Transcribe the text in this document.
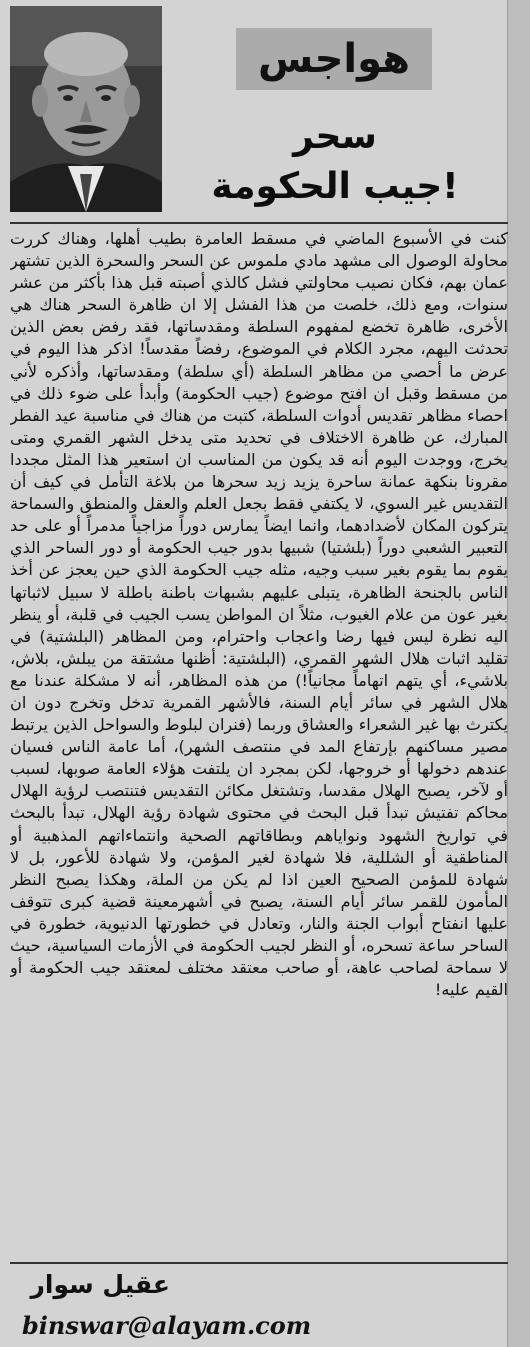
هواجس
سحر
جيب الحكومة!

كنت في الأسبوع الماضي في مسقط العامرة بطيب أهلها، وهناك كررت محاولة الوصول الى مشهد مادي ملموس عن السحر والسحرة الذين تشتهر عمان بهم، فكان نصيب محاولتي فشل كالذي أصبته قبل هذا بأكثر من عشر سنوات، ومع ذلك، خلصت من هذا الفشل إلا ان ظاهرة السحر هناك هي الأخرى، ظاهرة تخضع لمفهوم السلطة ومقدساتها، فقد رفض بعض الذين تحدثت اليهم، مجرد الكلام في الموضوع، رفضاً مقدساً! اذكر هذا اليوم في عرض ما أحصي من مظاهر السلطة (أي سلطة) ومقدساتها، وأذكره لأني من مسقط وقبل ان افتح موضوع (جيب الحكومة) وأبدأ على ضوء ذلك في احصاء مظاهر تقديس أدوات السلطة، كتبت من هناك في مناسبة عيد الفطر المبارك، عن ظاهرة الاختلاف في تحديد متى يدخل الشهر القمري ومتى يخرج، ووجدت اليوم أنه قد يكون من المناسب ان استعير هذا المثل مجددا مقرونا بنكهة عمانة ساحرة يزيد زيد سحرها من بلاغة التأمل في كيف أن التقديس غير السوي، لا يكتفي فقط بجعل العلم والعقل والمنطق والسماحة يتركون المكان لأضدادهما، وانما ايضاً يمارس دوراً مزاجياً مدمراً أو على حد التعبير الشعبي دوراً (بلشتيا) شبيها بدور جيب الحكومة أو دور الساحر الذي يقوم بما يقوم بغير سبب وجيه، مثله جيب الحكومة الذي حين يعجز عن أخذ الناس بالجنحة الظاهرة، يتبلى عليهم بشبهات باطنة باطلة لا سبيل لاثباتها بغير عون من علام الغيوب، مثلاً ان المواطن يسب الجيب في قلبة، أو ينظر اليه نظرة ليس فيها رضا واعجاب واحترام، ومن المظاهر (البلشتية) في تقليد اثبات هلال الشهر القمري، (البلشتية: أظنها مشتقة من يبلش، بلاش، بلاشيء، أي يتهم اتهاماً مجانياً!) من هذه المظاهر، أنه لا مشكلة عندنا مع هلال الشهر في سائر أيام السنة، فالأشهر القمرية تدخل وتخرج دون ان يكترث بها غير الشعراء والعشاق وربما (فنران لبلوط والسواحل الذين يرتبط مصير مساكنهم بإرتفاع المد في منتصف الشهر)، أما عامة الناس فسيان عندهم دخولها أو خروجها، لكن بمجرد ان يلتفت هؤلاء العامة صوبها، لسبب أو لآخر، يصبح الهلال مقدسا، وتشتغل مكائن التقديس فتنتصب لرؤية الهلال محاكم تفتيش تبدأ قبل البحث في محتوى شهادة رؤية الهلال، تبدأ بالبحث في تواريخ الشهود ونواياهم وبطاقاتهم الصحية وانتماءاتهم المذهبية أو المناطقية أو الشللية، فلا شهادة لغير المؤمن، ولا شهادة للأعور، بل لا شهادة للمؤمن الصحيح العين اذا لم يكن من الملة، وهكذا يصبح النظر المأمون للقمر سائر أيام السنة، يصبح في أشهرمعينة قضية كبرى تتوقف عليها انفتاح أبواب الجنة والنار، وتعادل في خطورتها الدنيوية، خطورة في الساحر ساعة تسحره، أو النظر لجيب الحكومة في الأزمات السياسية، حيث لا سماحة لصاحب عاهة، أو صاحب معتقد مختلف لمعتقد جيب الحكومة أو القيم عليه!

عقيل سوار
binswar@alayam.com
